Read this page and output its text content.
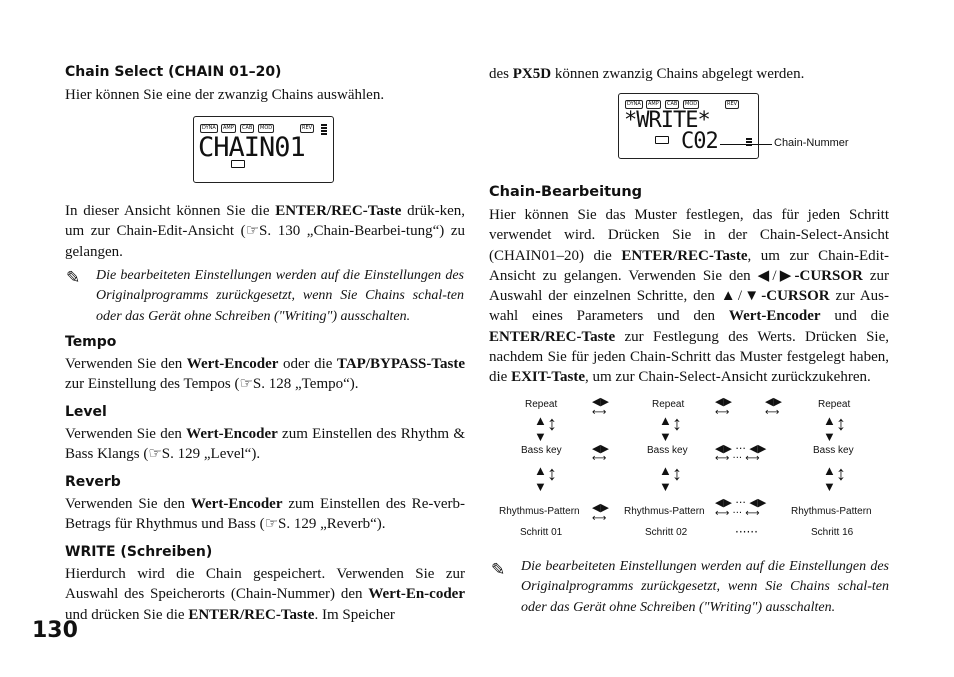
Chain Select (CHAIN 01–20)
Hier können Sie eine der zwanzig Chains auswählen.
DYNA	AMP	CAB	MOD	REV
CHAIN01
In dieser Ansicht können Sie die ENTER/REC-Taste drük-ken, um zur Chain-Edit-Ansicht (☞S. 130 „Chain-Bearbei-tung“) zu gelangen.
✎ Die bearbeiteten Einstellungen werden auf die Einstellungen des Originalprogramms zurückgesetzt, wenn Sie Chains schal-ten oder das Gerät ohne Schreiben ("Writing") ausschalten.
Tempo
Verwenden Sie den Wert-Encoder oder die TAP/BYPASS-Taste zur Einstellung des Tempos (☞S. 128 „Tempo“).
Level
Verwenden Sie den Wert-Encoder zum Einstellen des Rhythm & Bass Klangs (☞S. 129 „Level“).
Reverb
Verwenden Sie den Wert-Encoder zum Einstellen des Re-verb-Betrags für Rhythmus und Bass (☞S. 129 „Reverb“).
WRITE (Schreiben)
Hierdurch wird die Chain gespeichert. Verwenden Sie zur Auswahl des Speicherorts (Chain-Nummer) den Wert-En-coder und drücken Sie die ENTER/REC-Taste. Im Speicher
130
des PX5D können zwanzig Chains abgelegt werden.
DYNA	AMP	CAB	MOD	REV
*WRITE*
C02	Chain-Nummer
Chain-Bearbeitung
Hier können Sie das Muster festlegen, das für jeden Schritt verwendet wird. Drücken Sie in der Chain-Select-Ansicht (CHAIN01–20) die ENTER/REC-Taste, um zur Chain-Edit-Ansicht zu gelangen. Verwenden Sie den ◀/▶-CURSOR zur Auswahl der einzelnen Schritte, den ▲/▼-CURSOR zur Aus-wahl eines Parameters und den Wert-Encoder und die ENTER/REC-Taste zur Festlegung des Werts. Drücken Sie, nachdem Sie für jeden Chain-Schritt das Muster festgelegt haben, die EXIT-Taste, um zur Chain-Select-Ansicht zurückzukehren.
Repeat	◀▶
⟷
▲
▼
↕
Bass key	◀▶
⟷
▲
▼
↕
Rhythmus-Pattern ◀▶
⟷
Schritt 01
Repeat	◀▶
⟷
◀▶
⟷
▲
▼
↕
Bass key ◀▶ ··· ◀▶
⟷ ··· ⟷
▲
▼
↕
Rhythmus-Pattern
◀▶ ··· ◀▶
⟷ ··· ⟷
Schritt 02	······
Repeat
▲
▼
↕
Bass key
▲
▼
↕
Rhythmus-Pattern
Schritt 16
✎ Die bearbeiteten Einstellungen werden auf die Einstellungen des Originalprogramms zurückgesetzt, wenn Sie Chains schal-ten oder das Gerät ohne Schreiben ("Writing") ausschalten.
